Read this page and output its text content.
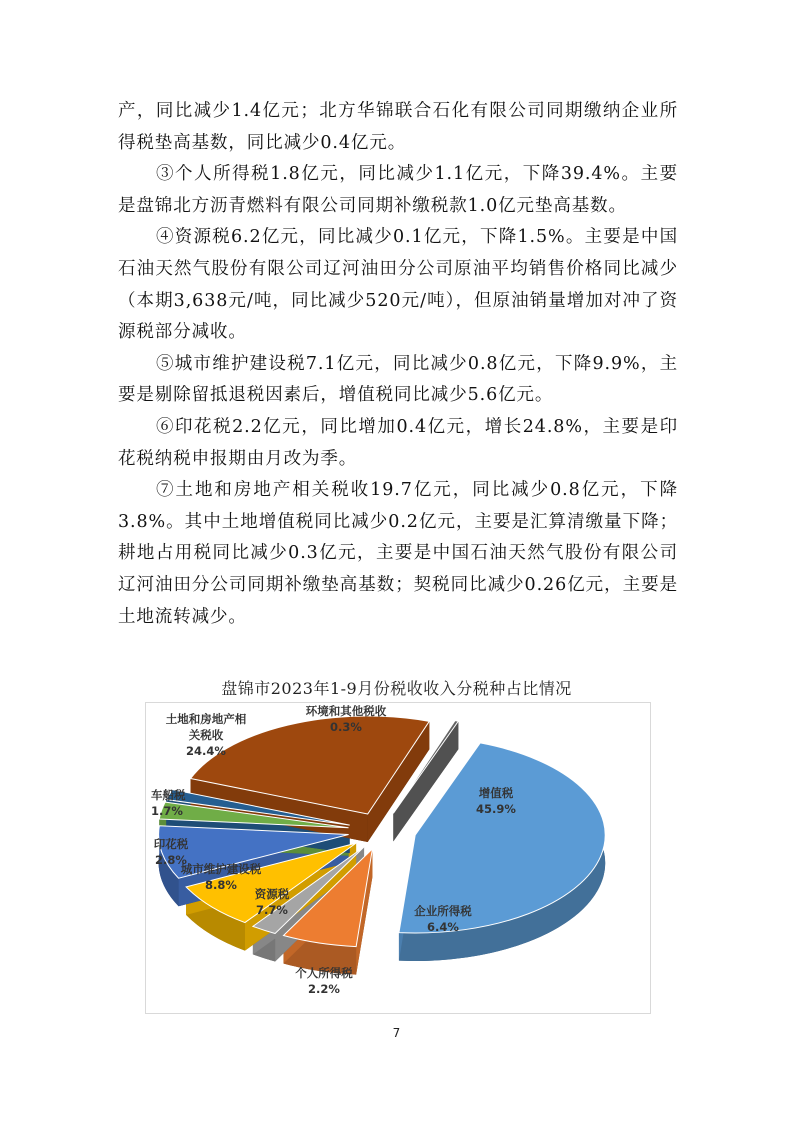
产，同比减少1.4亿元；北方华锦联合石化有限公司同期缴纳企业所得税垫高基数，同比减少0.4亿元。

③个人所得税1.8亿元，同比减少1.1亿元，下降39.4%。主要是盘锦北方沥青燃料有限公司同期补缴税款1.0亿元垫高基数。

④资源税6.2亿元，同比减少0.1亿元，下降1.5%。主要是中国石油天然气股份有限公司辽河油田分公司原油平均销售价格同比减少（本期3,638元/吨，同比减少520元/吨），但原油销量增加对冲了资源税部分减收。

⑤城市维护建设税7.1亿元，同比减少0.8亿元，下降9.9%，主要是剔除留抵退税因素后，增值税同比减少5.6亿元。

⑥印花税2.2亿元，同比增加0.4亿元，增长24.8%，主要是印花税纳税申报期由月改为季。

⑦土地和房地产相关税收19.7亿元，同比减少0.8亿元，下降3.8%。其中土地增值税同比减少0.2亿元，主要是汇算清缴量下降；耕地占用税同比减少0.3亿元，主要是中国石油天然气股份有限公司辽河油田分公司同期补缴垫高基数；契税同比减少0.26亿元，主要是土地流转减少。

盘锦市2023年1-9月份税收收入分税种占比情况
增值税 45.9%
企业所得税 6.4%
个人所得税 2.2%
资源税 7.7%
城市维护建设税 8.8%
印花税 2.8%
车船税 1.7%
土地和房地产相关税收 24.4%
环境和其他税收 0.3%
7
